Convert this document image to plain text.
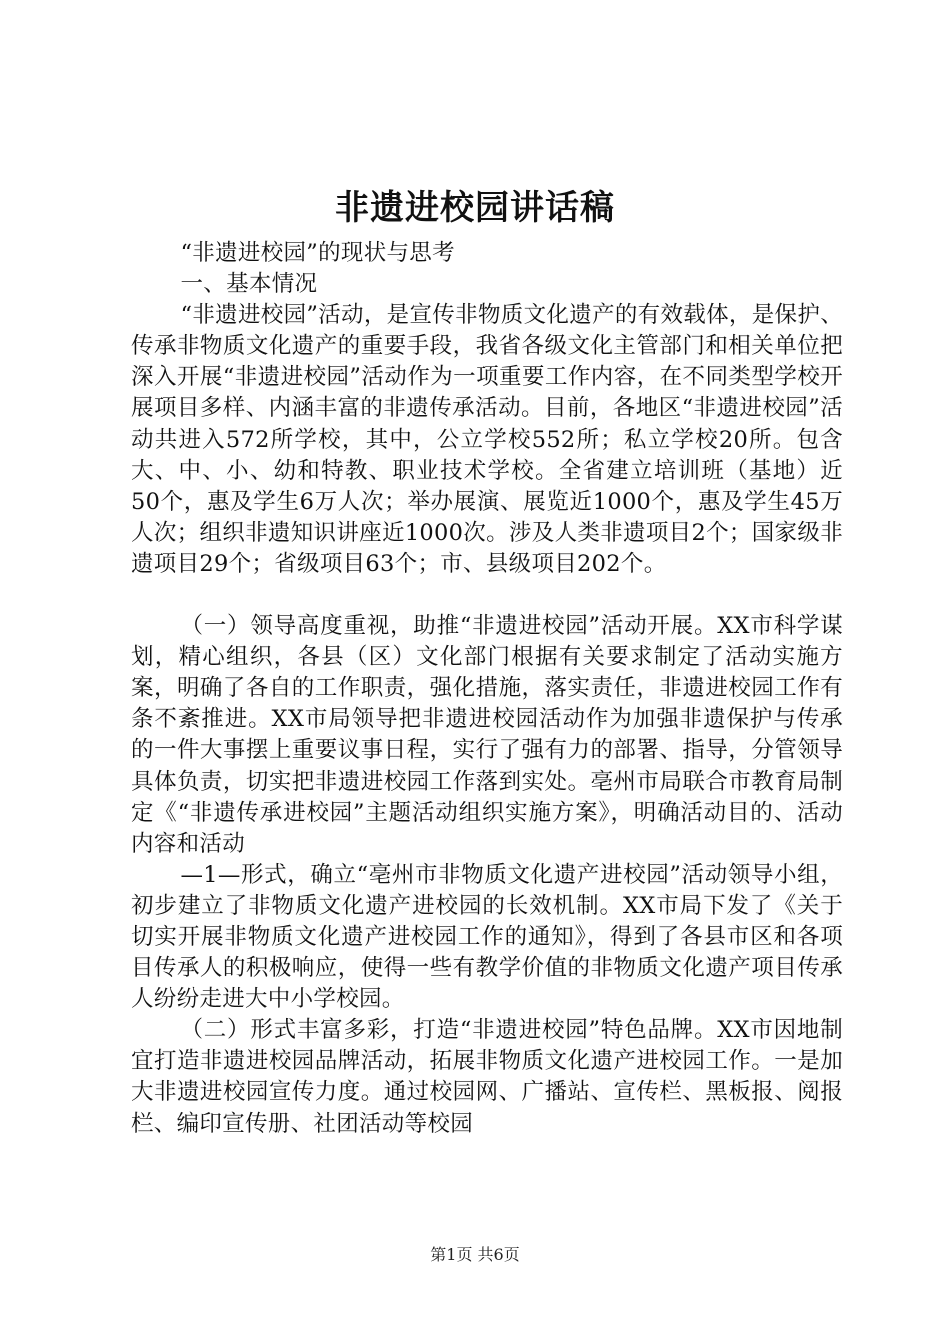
非遗进校园讲话稿

“非遗进校园”的现状与思考

一、基本情况

“非遗进校园”活动，是宣传非物质文化遗产的有效载体，是保护、传承非物质文化遗产的重要手段，我省各级文化主管部门和相关单位把深入开展“非遗进校园”活动作为一项重要工作内容，在不同类型学校开展项目多样、内涵丰富的非遗传承活动。目前，各地区“非遗进校园”活动共进入572所学校，其中，公立学校552所；私立学校20所。包含大、中、小、幼和特教、职业技术学校。全省建立培训班（基地）近50个，惠及学生6万人次；举办展演、展览近1000个，惠及学生45万人次；组织非遗知识讲座近1000次。涉及人类非遗项目2个；国家级非遗项目29个；省级项目63个；市、县级项目202个。

（一）领导高度重视，助推“非遗进校园”活动开展。XX市科学谋划，精心组织，各县（区）文化部门根据有关要求制定了活动实施方案，明确了各自的工作职责，强化措施，落实责任，非遗进校园工作有条不紊推进。XX市局领导把非遗进校园活动作为加强非遗保护与传承的一件大事摆上重要议事日程，实行了强有力的部署、指导，分管领导具体负责，切实把非遗进校园工作落到实处。亳州市局联合市教育局制定《“非遗传承进校园”主题活动组织实施方案》，明确活动目的、活动内容和活动

—1—形式，确立“亳州市非物质文化遗产进校园”活动领导小组，初步建立了非物质文化遗产进校园的长效机制。XX市局下发了《关于切实开展非物质文化遗产进校园工作的通知》，得到了各县市区和各项目传承人的积极响应，使得一些有教学价值的非物质文化遗产项目传承人纷纷走进大中小学校园。

（二）形式丰富多彩，打造“非遗进校园”特色品牌。XX市因地制宜打造非遗进校园品牌活动，拓展非物质文化遗产进校园工作。一是加大非遗进校园宣传力度。通过校园网、广播站、宣传栏、黑板报、阅报栏、编印宣传册、社团活动等校园

第1页 共6页
